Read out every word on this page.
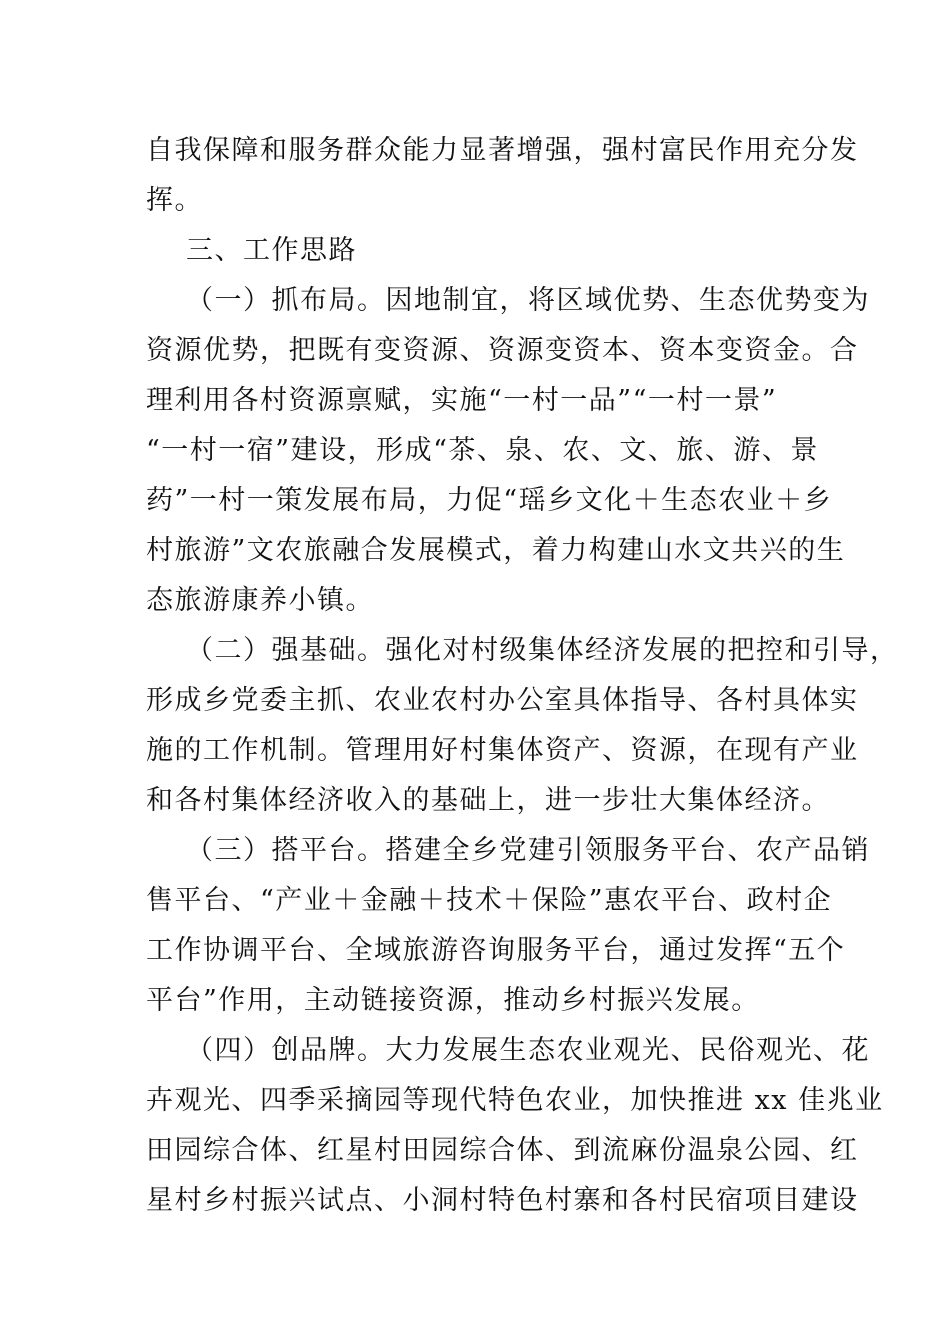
自我保障和服务群众能力显著增强，强村富民作用充分发

挥。

三、工作思路

（一）抓布局。因地制宜，将区域优势、生态优势变为

资源优势，把既有变资源、资源变资本、资本变资金。合

理利用各村资源禀赋，实施“一村一品”“一村一景”

“一村一宿”建设，形成“茶、泉、农、文、旅、游、景

药”一村一策发展布局，力促“瑶乡文化＋生态农业＋乡

村旅游”文农旅融合发展模式，着力构建山水文共兴的生

态旅游康养小镇。

（二）强基础。强化对村级集体经济发展的把控和引导，

形成乡党委主抓、农业农村办公室具体指导、各村具体实

施的工作机制。管理用好村集体资产、资源，在现有产业

和各村集体经济收入的基础上，进一步壮大集体经济。

（三）搭平台。搭建全乡党建引领服务平台、农产品销

售平台、“产业＋金融＋技术＋保险”惠农平台、政村企

工作协调平台、全域旅游咨询服务平台，通过发挥“五个

平台”作用，主动链接资源，推动乡村振兴发展。

（四）创品牌。大力发展生态农业观光、民俗观光、花

卉观光、四季采摘园等现代特色农业，加快推进 xx 佳兆业

田园综合体、红星村田园综合体、到流麻份温泉公园、红

星村乡村振兴试点、小洞村特色村寨和各村民宿项目建设
